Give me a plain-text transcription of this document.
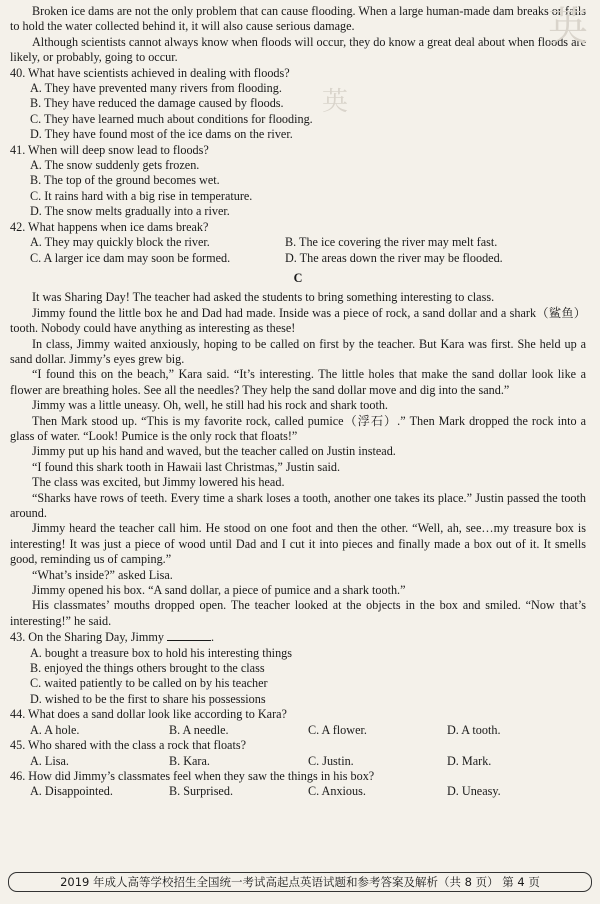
英
英

Broken ice dams are not the only problem that can cause flooding. When a large human-made dam breaks or fails to hold the water collected behind it, it will also cause serious damage.

Although scientists cannot always know when floods will occur, they do know a great deal about when floods are likely, or probably, going to occur.

40. What have scientists achieved in dealing with floods?

A. They have prevented many rivers from flooding.

B. They have reduced the damage caused by floods.

C. They have learned much about conditions for flooding.

D. They have found most of the ice dams on the river.

41. When will deep snow lead to floods?

A. The snow suddenly gets frozen.

B. The top of the ground becomes wet.

C. It rains hard with a big rise in temperature.

D. The snow melts gradually into a river.

42. What happens when ice dams break?

A. They may quickly block the river.	B. The ice covering the river may melt fast.
C. A larger ice dam may soon be formed.	D. The areas down the river may be flooded.
C

It was Sharing Day! The teacher had asked the students to bring something interesting to class.

Jimmy found the little box he and Dad had made. Inside was a piece of rock, a sand dollar and a shark（鲨鱼）tooth. Nobody could have anything as interesting as these!

In class, Jimmy waited anxiously, hoping to be called on first by the teacher. But Kara was first. She held up a sand dollar. Jimmy’s eyes grew big.

“I found this on the beach,” Kara said. “It’s interesting. The little holes that make the sand dollar look like a flower are breathing holes. See all the needles? They help the sand dollar move and dig into the sand.”

Jimmy was a little uneasy. Oh, well, he still had his rock and shark tooth.

Then Mark stood up. “This is my favorite rock, called pumice（浮石）.” Then Mark dropped the rock into a glass of water. “Look! Pumice is the only rock that floats!”

Jimmy put up his hand and waved, but the teacher called on Justin instead.

“I found this shark tooth in Hawaii last Christmas,” Justin said.

The class was excited, but Jimmy lowered his head.

“Sharks have rows of teeth. Every time a shark loses a tooth, another one takes its place.” Justin passed the tooth around.

Jimmy heard the teacher call him. He stood on one foot and then the other. “Well, ah, see…my treasure box is interesting! It was just a piece of wood until Dad and I cut it into pieces and finally made a box out of it. It smells good, reminding us of camping.”

“What’s inside?” asked Lisa.

Jimmy opened his box. “A sand dollar, a piece of pumice and a shark tooth.”

His classmates’ mouths dropped open. The teacher looked at the objects in the box and smiled. “Now that’s interesting!” he said.

43. On the Sharing Day, Jimmy	.

A. bought a treasure box to hold his interesting things

B. enjoyed the things others brought to the class

C. waited patiently to be called on by his teacher

D. wished to be the first to share his possessions

44. What does a sand dollar look like according to Kara?

A. A hole.	B. A needle.	C. A flower.	D. A tooth.

45. Who shared with the class a rock that floats?

A. Lisa.	B. Kara.	C. Justin.	D. Mark.

46. How did Jimmy’s classmates feel when they saw the things in his box?

A. Disappointed.	B. Surprised.	C. Anxious.	D. Uneasy.
2019 年成人高等学校招生全国统一考试高起点英语试题和参考答案及解析（共 8 页） 第 4 页
